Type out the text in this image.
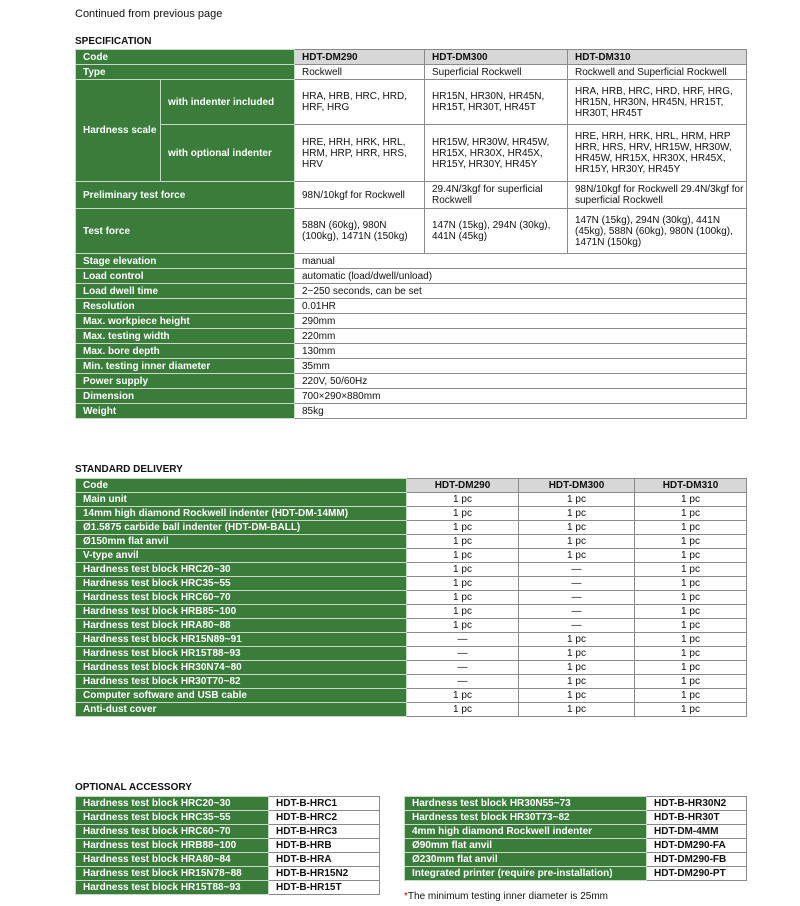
Continued from previous page
SPECIFICATION
Code		HDT-DM290	HDT-DM300	HDT-DM310
Type		Rockwell	Superficial Rockwell	Rockwell and Superficial Rockwell
Hardness scale	with indenter included	HRA, HRB, HRC, HRD, HRF, HRG	HR15N, HR30N, HR45N, HR15T, HR30T, HR45T	HRA, HRB, HRC, HRD, HRF, HRG, HR15N, HR30N, HR45N, HR15T, HR30T, HR45T
	with optional indenter	HRE, HRH, HRK, HRL, HRM, HRP, HRR, HRS, HRV	HR15W, HR30W, HR45W, HR15X, HR30X, HR45X, HR15Y, HR30Y, HR45Y	HRE, HRH, HRK, HRL, HRM, HRP HRR, HRS, HRV, HR15W, HR30W, HR45W, HR15X, HR30X, HR45X, HR15Y, HR30Y, HR45Y
Preliminary test force		98N/10kgf for Rockwell	29.4N/3kgf for superficial Rockwell	98N/10kgf for Rockwell 29.4N/3kgf for superficial Rockwell
Test force		588N (60kg), 980N (100kg), 1471N (150kg)	147N (15kg), 294N (30kg), 441N (45kg)	147N (15kg), 294N (30kg), 441N (45kg), 588N (60kg), 980N (100kg), 1471N (150kg)
Stage elevation		manual		
Load control		automatic (load/dwell/unload)		
Load dwell time		2~250 seconds, can be set		
Resolution		0.01HR		
Max. workpiece height		290mm		
Max. testing width		220mm		
Max. bore depth		130mm		
Min. testing inner diameter		35mm		
Power supply		220V, 50/60Hz		
Dimension		700×290×880mm		
Weight		85kg		
STANDARD DELIVERY
Code	HDT-DM290	HDT-DM300	HDT-DM310
Main unit	1 pc	1 pc	1 pc
14mm high diamond Rockwell indenter (HDT-DM-14MM)	1 pc	1 pc	1 pc
Ø1.5875 carbide ball indenter (HDT-DM-BALL)	1 pc	1 pc	1 pc
Ø150mm flat anvil	1 pc	1 pc	1 pc
V-type anvil	1 pc	1 pc	1 pc
Hardness test block HRC20~30	1 pc	—	1 pc
Hardness test block HRC35~55	1 pc	—	1 pc
Hardness test block HRC60~70	1 pc	—	1 pc
Hardness test block HRB85~100	1 pc	—	1 pc
Hardness test block HRA80~88	1 pc	—	1 pc
Hardness test block HR15N89~91	—	1 pc	1 pc
Hardness test block HR15T88~93	—	1 pc	1 pc
Hardness test block HR30N74~80	—	1 pc	1 pc
Hardness test block HR30T70~82	—	1 pc	1 pc
Computer software and USB cable	1 pc	1 pc	1 pc
Anti-dust cover	1 pc	1 pc	1 pc
OPTIONAL ACCESSORY
Hardness test block HRC20~30	HDT-B-HRC1
Hardness test block HRC35~55	HDT-B-HRC2
Hardness test block HRC60~70	HDT-B-HRC3
Hardness test block HRB88~100	HDT-B-HRB
Hardness test block HRA80~84	HDT-B-HRA
Hardness test block HR15N78~88	HDT-B-HR15N2
Hardness test block HR15T88~93	HDT-B-HR15T
Hardness test block HR30N55~73	HDT-B-HR30N2
Hardness test block HR30T73~82	HDT-B-HR30T
4mm high diamond Rockwell indenter	HDT-DM-4MM
Ø90mm flat anvil	HDT-DM290-FA
Ø230mm flat anvil	HDT-DM290-FB
Integrated printer (require pre-installation)	HDT-DM290-PT
*The minimum testing inner diameter is 25mm
